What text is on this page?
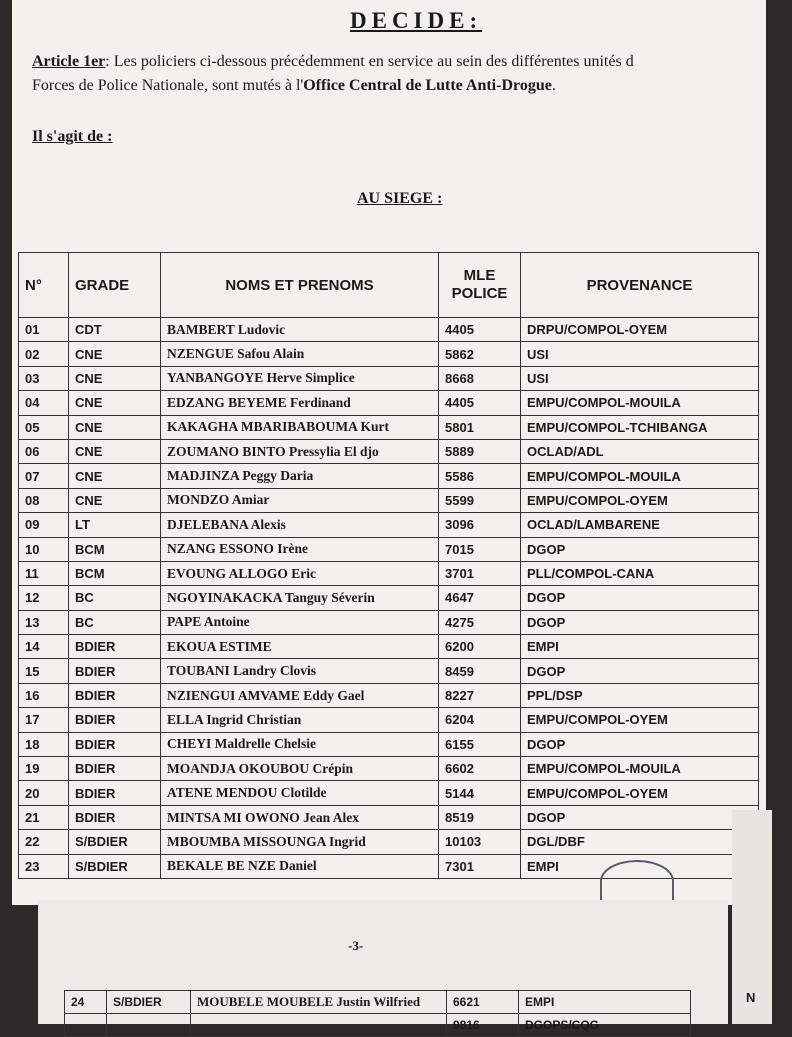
DECIDE:
Article 1er: Les policiers ci-dessous précédemment en service au sein des différentes unités d
Forces de Police Nationale, sont mutés à l'Office Central de Lutte Anti-Drogue.
Il s'agit de :
AU SIEGE :
N°	GRADE	NOMS ET PRENOMS	MLE POLICE	PROVENANCE
01	CDT	BAMBERT Ludovic	4405	DRPU/COMPOL-OYEM
02	CNE	NZENGUE Safou Alain	5862	USI
03	CNE	YANBANGOYE Herve Simplice	8668	USI
04	CNE	EDZANG BEYEME Ferdinand	4405	EMPU/COMPOL-MOUILA
05	CNE	KAKAGHA MBARIBABOUMA Kurt	5801	EMPU/COMPOL-TCHIBANGA
06	CNE	ZOUMANO BINTO Pressylia El djo	5889	OCLAD/ADL
07	CNE	MADJINZA Peggy Daria	5586	EMPU/COMPOL-MOUILA
08	CNE	MONDZO Amiar	5599	EMPU/COMPOL-OYEM
09	LT	DJELEBANA Alexis	3096	OCLAD/LAMBARENE
10	BCM	NZANG ESSONO Irène	7015	DGOP
11	BCM	EVOUNG ALLOGO Eric	3701	PLL/COMPOL-CANA
12	BC	NGOYINAKACKA Tanguy Séverin	4647	DGOP
13	BC	PAPE Antoine	4275	DGOP
14	BDIER	EKOUA ESTIME	6200	EMPI
15	BDIER	TOUBANI Landry Clovis	8459	DGOP
16	BDIER	NZIENGUI AMVAME Eddy Gael	8227	PPL/DSP
17	BDIER	ELLA Ingrid Christian	6204	EMPU/COMPOL-OYEM
18	BDIER	CHEYI Maldrelle Chelsie	6155	DGOP
19	BDIER	MOANDJA OKOUBOU Crépin	6602	EMPU/COMPOL-MOUILA
20	BDIER	ATENE MENDOU Clotilde	5144	EMPU/COMPOL-OYEM
21	BDIER	MINTSA MI OWONO Jean Alex	8519	DGOP
22	S/BDIER	MBOUMBA MISSOUNGA Ingrid	10103	DGL/DBF
23	S/BDIER	BEKALE BE NZE Daniel	7301	EMPI
-3-
24	S/BDIER	MOUBELE MOUBELE Justin Wilfried	6621	EMPI
			9816	DGOPS/CQG
N
